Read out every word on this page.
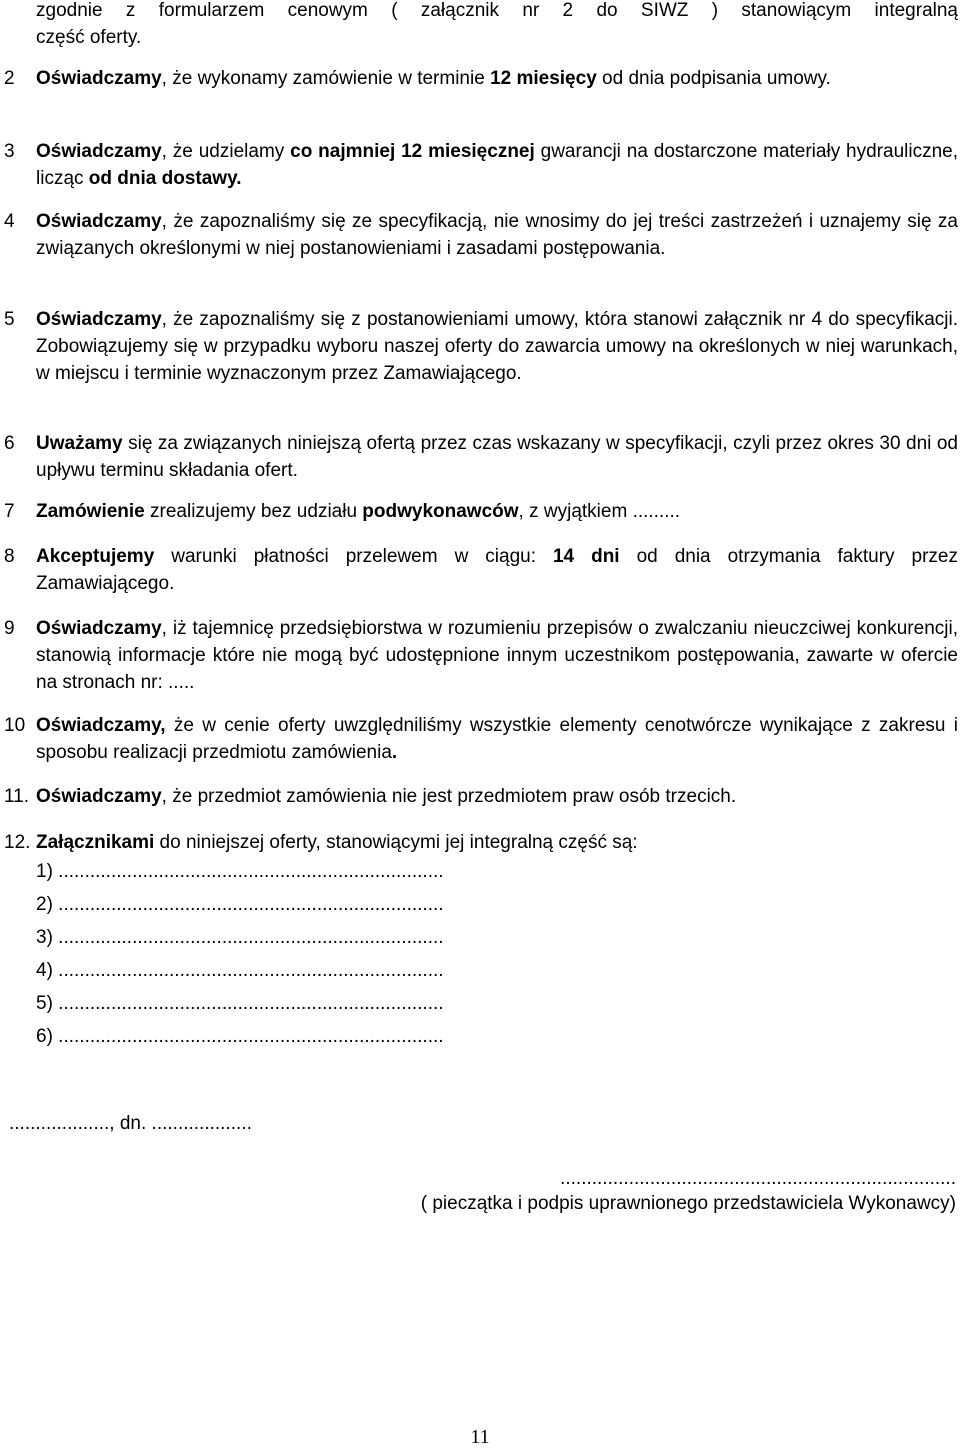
zgodnie z formularzem cenowym ( załącznik nr 2 do SIWZ ) stanowiącym integralną
część oferty.
2 Oświadczamy, że wykonamy zamówienie w terminie 12 miesięcy od dnia podpisania umowy.
3 Oświadczamy, że udzielamy co najmniej 12 miesięcznej gwarancji na dostarczone materiały hydrauliczne, licząc od dnia dostawy.
4 Oświadczamy, że zapoznaliśmy się ze specyfikacją, nie wnosimy do jej treści zastrzeżeń i uznajemy się za związanych określonymi w niej postanowieniami i zasadami postępowania.
5 Oświadczamy, że zapoznaliśmy się z postanowieniami umowy, która stanowi załącznik nr 4 do specyfikacji. Zobowiązujemy się w przypadku wyboru naszej oferty do zawarcia umowy na określonych w niej warunkach, w miejscu i terminie wyznaczonym przez Zamawiającego.
6 Uważamy się za związanych niniejszą ofertą przez czas wskazany w specyfikacji, czyli przez okres 30 dni od upływu terminu składania ofert.
7 Zamówienie zrealizujemy bez udziału podwykonawców, z wyjątkiem .........
8 Akceptujemy warunki płatności przelewem w ciągu: 14 dni od dnia otrzymania faktury przez Zamawiającego.
9 Oświadczamy, iż tajemnicę przedsiębiorstwa w rozumieniu przepisów o zwalczaniu nieuczciwej konkurencji, stanowią informacje które nie mogą być udostępnione innym uczestnikom postępowania, zawarte w ofercie na stronach nr: .....
10 Oświadczamy, że w cenie oferty uwzględniliśmy wszystkie elementy cenotwórcze wynikające z zakresu i sposobu realizacji przedmiotu zamówienia.
11. Oświadczamy, że przedmiot zamówienia nie jest przedmiotem praw osób trzecich.
12. Załącznikami do niniejszej oferty, stanowiącymi jej integralną część są:
1) .........................................................................
2) .........................................................................
3) .........................................................................
4) .........................................................................
5) .........................................................................
6) .........................................................................
..................., dn. ...................
...........................................................................
( pieczątka i podpis uprawnionego przedstawiciela Wykonawcy)
11
